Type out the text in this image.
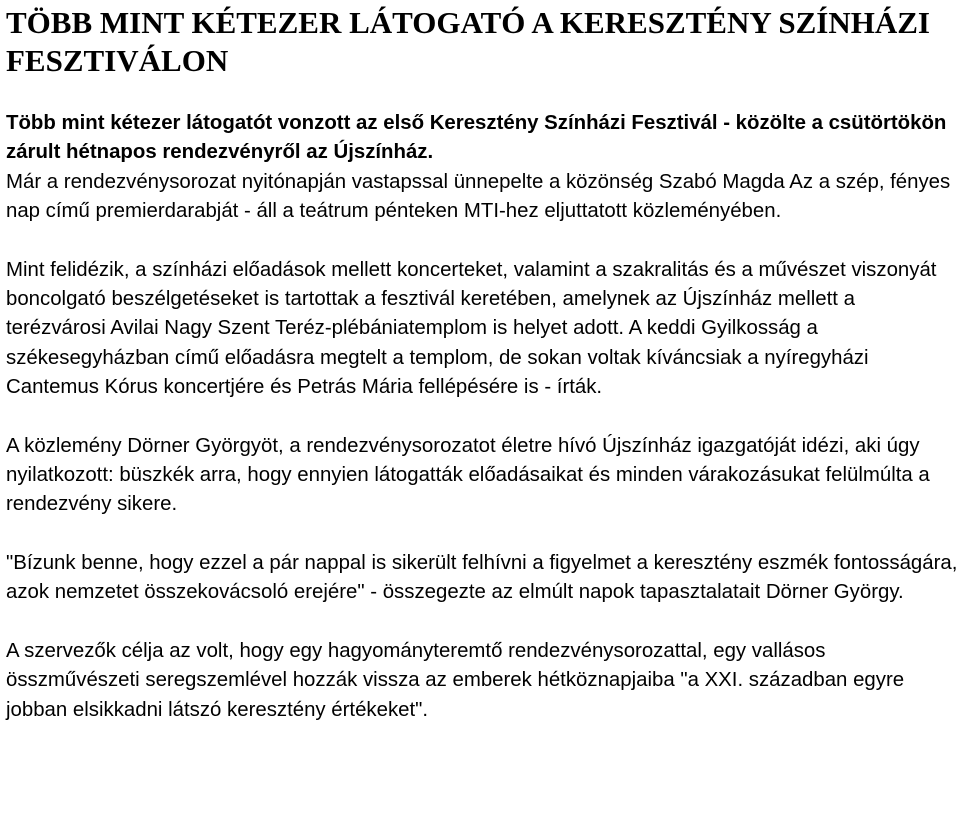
TÖBB MINT KÉTEZER LÁTOGATÓ A KERESZTÉNY SZÍNHÁZI FESZTIVÁLON

Több mint kétezer látogatót vonzott az első Keresztény Színházi Fesztivál - közölte a csütörtökön zárult hétnapos rendezvényről az Újszínház.
Már a rendezvénysorozat nyitónapján vastapssal ünnepelte a közönség Szabó Magda Az a szép, fényes nap című premierdarabját - áll a teátrum pénteken MTI-hez eljuttatott közleményében.

Mint felidézik, a színházi előadások mellett koncerteket, valamint a szakralitás és a művészet viszonyát boncolgató beszélgetéseket is tartottak a fesztivál keretében, amelynek az Újszínház mellett a terézvárosi Avilai Nagy Szent Teréz-plébániatemplom is helyet adott. A keddi Gyilkosság a székesegyházban című előadásra megtelt a templom, de sokan voltak kíváncsiak a nyíregyházi Cantemus Kórus koncertjére és Petrás Mária fellépésére is - írták.

A közlemény Dörner Györgyöt, a rendezvénysorozatot életre hívó Újszínház igazgatóját idézi, aki úgy nyilatkozott: büszkék arra, hogy ennyien látogatták előadásaikat és minden várakozásukat felülmúlta a rendezvény sikere.

"Bízunk benne, hogy ezzel a pár nappal is sikerült felhívni a figyelmet a keresztény eszmék fontosságára, azok nemzetet összekovácsoló erejére" - összegezte az elmúlt napok tapasztalatait Dörner György.

A szervezők célja az volt, hogy egy hagyományteremtő rendezvénysorozattal, egy vallásos összművészeti seregszemlével hozzák vissza az emberek hétköznapjaiba "a XXI. században egyre jobban elsikkadni látszó keresztény értékeket".
